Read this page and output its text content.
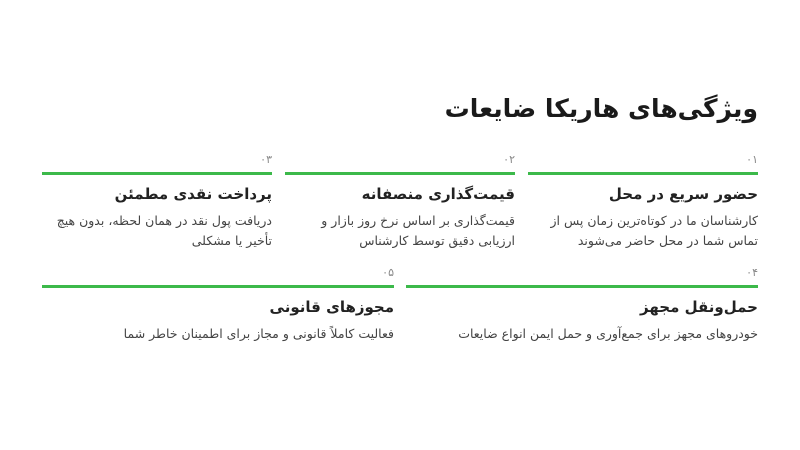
ویژگی‌های هاریکا ضایعات
۰۱
حضور سریع در محل

کارشناسان ما در کوتاه‌ترین زمان پس از تماس شما در محل حاضر می‌شوند

۰۲
قیمت‌گذاری منصفانه

قیمت‌گذاری بر اساس نرخ روز بازار و ارزیابی دقیق توسط کارشناس

۰۳
پرداخت نقدی مطمئن

دریافت پول نقد در همان لحظه، بدون هیچ تأخیر یا مشکلی

۰۴
حمل‌ونقل مجهز

خودروهای مجهز برای جمع‌آوری و حمل ایمن انواع ضایعات

۰۵
مجوزهای قانونی

فعالیت کاملاً قانونی و مجاز برای اطمینان خاطر شما
